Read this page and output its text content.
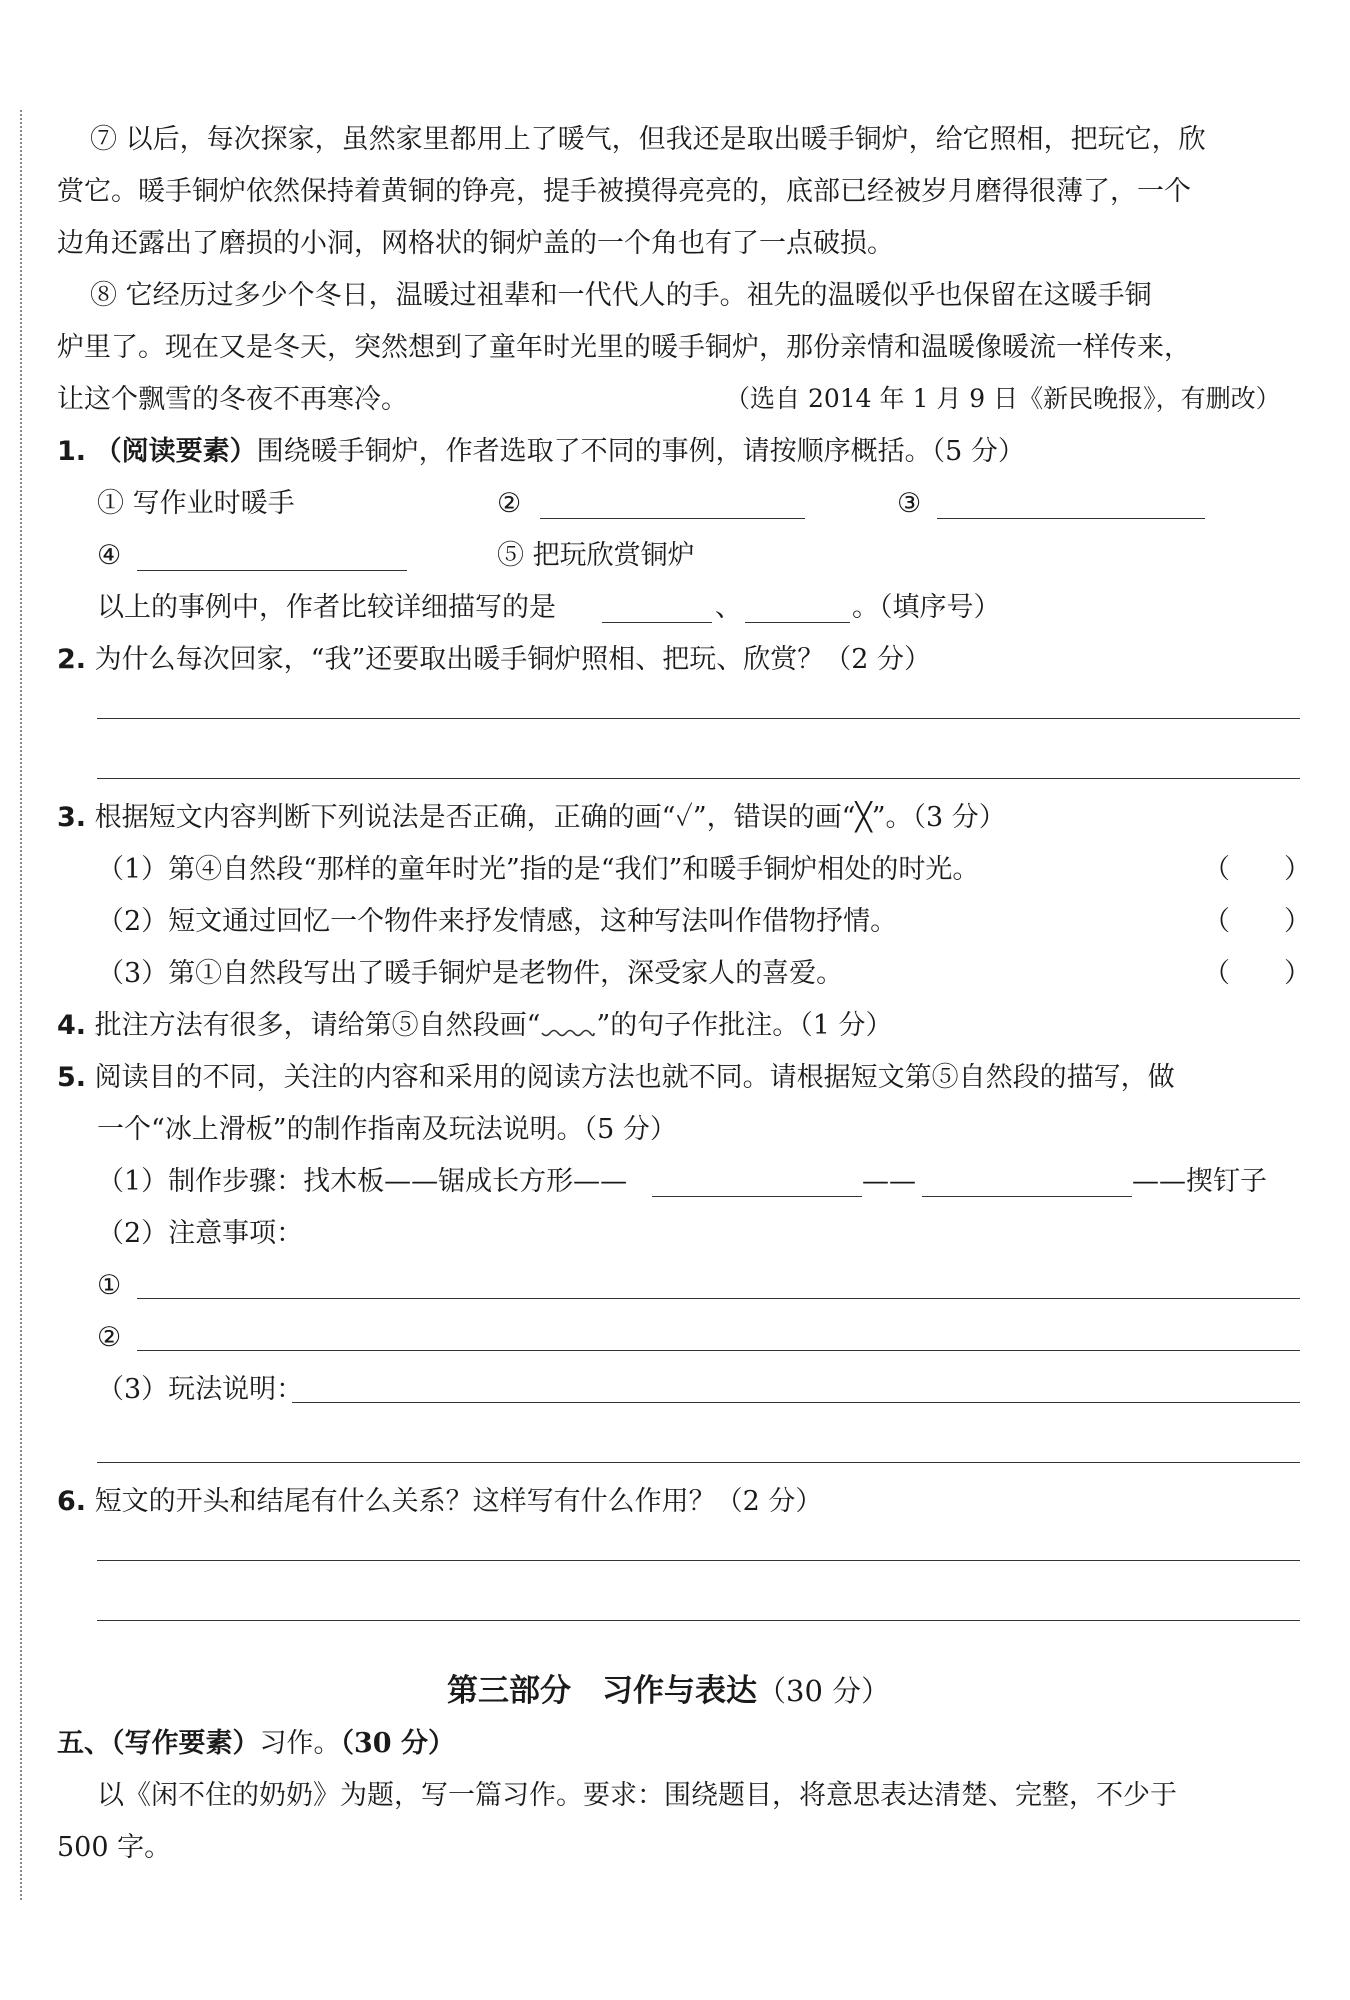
⑦ 以后，每次探家，虽然家里都用上了暖气，但我还是取出暖手铜炉，给它照相，把玩它，欣
赏它。暖手铜炉依然保持着黄铜的铮亮，提手被摸得亮亮的，底部已经被岁月磨得很薄了，一个
边角还露出了磨损的小洞，网格状的铜炉盖的一个角也有了一点破损。
⑧ 它经历过多少个冬日，温暖过祖辈和一代代人的手。祖先的温暖似乎也保留在这暖手铜
炉里了。现在又是冬天，突然想到了童年时光里的暖手铜炉，那份亲情和温暖像暖流一样传来，
让这个飘雪的冬夜不再寒冷。	（选自 2014 年 1 月 9 日《新民晚报》，有删改）
1. （阅读要素）围绕暖手铜炉，作者选取了不同的事例，请按顺序概括。（5 分）
① 写作业时暖手	②	③
④	⑤ 把玩欣赏铜炉
以上的事例中，作者比较详细描写的是	、	。（填序号）
2. 为什么每次回家，“我”还要取出暖手铜炉照相、把玩、欣赏？（2 分）
3. 根据短文内容判断下列说法是否正确，正确的画“✓”，错误的画“╳”。（3 分）
（1）第④自然段“那样的童年时光”指的是“我们”和暖手铜炉相处的时光。	（　　）
（2）短文通过回忆一个物件来抒发情感，这种写法叫作借物抒情。	（　　）
（3）第①自然段写出了暖手铜炉是老物件，深受家人的喜爱。	（　　）
4. 批注方法有很多，请给第⑤自然段画“ ”的句子作批注。（1 分）
5. 阅读目的不同，关注的内容和采用的阅读方法也就不同。请根据短文第⑤自然段的描写，做
一个“冰上滑板”的制作指南及玩法说明。（5 分）
（1）制作步骤：找木板——锯成长方形——	——	——揳钉子
（2）注意事项：
①
②
（3）玩法说明：
6. 短文的开头和结尾有什么关系？这样写有什么作用？（2 分）
第三部分　习作与表达（30 分）
五、（写作要素）习作。（30 分）
以《闲不住的奶奶》为题，写一篇习作。要求：围绕题目，将意思表达清楚、完整，不少于
500 字。
